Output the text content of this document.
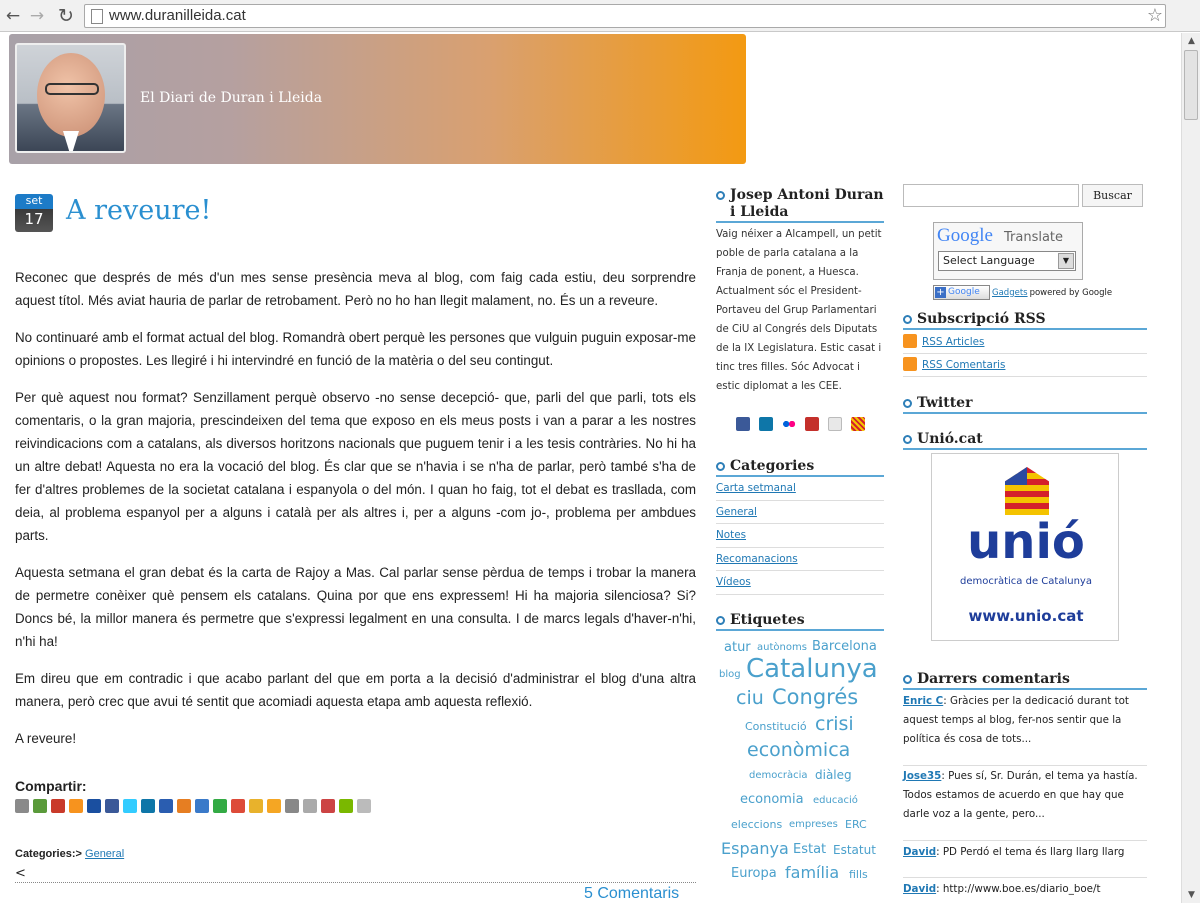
← → ↻ www.duranilleida.cat	☆
El Diari de Duran i Lleida
set
17 A reveure!

Reconec que després de més d'un mes sense presència meva al blog, com faig cada estiu, deu sorprendre aquest títol. Més aviat hauria de parlar de retrobament. Però no ho han llegit malament, no. És un a reveure.

No continuaré amb el format actual del blog. Romandrà obert perquè les persones que vulguin puguin exposar-me opinions o propostes. Les llegiré i hi intervindré en funció de la matèria o del seu contingut.

Per què aquest nou format? Senzillament perquè observo -no sense decepció- que, parli del que parli, tots els comentaris, o la gran majoria, prescindeixen del tema que exposo en els meus posts i van a parar a les nostres reivindicacions com a catalans, als diversos horitzons nacionals que puguem tenir i a les tesis contràries. No hi ha un altre debat! Aquesta no era la vocació del blog. És clar que se n'havia i se n'ha de parlar, però també s'ha de fer d'altres problemes de la societat catalana i espanyola o del món. I quan ho faig, tot el debat es trasllada, com deia, al problema espanyol per a alguns i català per als altres i, per a alguns -com jo-, problema per ambdues parts.

Aquesta setmana el gran debat és la carta de Rajoy a Mas. Cal parlar sense pèrdua de temps i trobar la manera de permetre conèixer què pensem els catalans. Quina por que ens expressem! Hi ha majoria silenciosa? Si? Doncs bé, la millor manera és permetre que s'expressi legalment en una consulta. I de marcs legals d'haver-n'hi, n'hi ha!

Em direu que em contradic i que acabo parlant del que em porta a la decisió d'administrar el blog d'una altra manera, però crec que avui té sentit que acomiadi aquesta etapa amb aquesta reflexió.

A reveure!

Compartir:
Categories:> General
<
5 Comentaris
Josep Antoni Duran i Lleida
Vaig néixer a Alcampell, un petit poble de parla catalana a la Franja de ponent, a Huesca. Actualment sóc el President-Portaveu del Grup Parlamentari de CiU al Congrés dels Diputats de la IX Legislatura. Estic casat i tinc tres filles. Sóc Advocat i estic diplomat a les CEE.
Categories
Carta setmanal
General
Notes
Recomanacions
Vídeos
Etiquetes
atur autònoms Barcelona
blog Catalunya
ciu Congrés
Constitució crisi
econòmica
democràcia diàleg
economia educació
eleccions empreses ERC
Espanya Estat Estatut
Europa família fills
Buscar
Google Translate
Select Language	▼
+ Google	Gadgets powered by Google
Subscripció RSS
RSS Articles
RSS Comentaris
Twitter
Unió.cat
unió
democràtica de Catalunya
www.unio.cat
Darrers comentaris
Enric C: Gràcies per la dedicació durant tot aquest temps al blog, fer-nos sentir que la política és cosa de tots...
Jose35: Pues sí, Sr. Durán, el tema ya hastía. Todos estamos de acuerdo en que hay que darle voz a la gente, pero...
David: PD Perdó el tema és llarg llarg llarg
David: http://www.boe.es/diario_boe/t
▲
▼
